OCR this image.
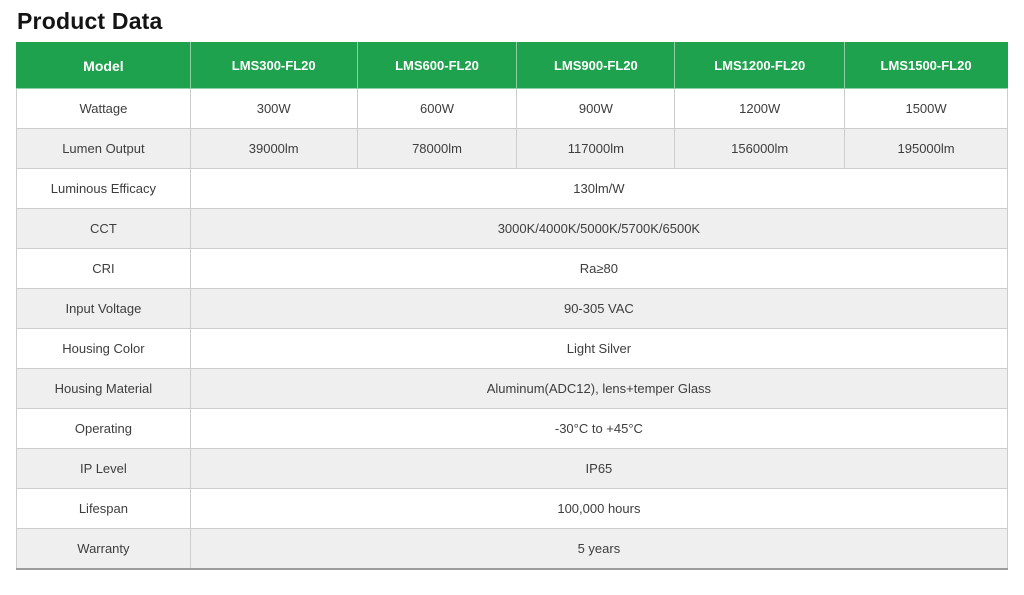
Product Data
Model	LMS300-FL20	LMS600-FL20	LMS900-FL20	LMS1200-FL20	LMS1500-FL20
Wattage	300W	600W	900W	1200W	1500W
Lumen Output	39000lm	78000lm	117000lm	156000lm	195000lm
Luminous Efficacy	130lm/W				
CCT	3000K/4000K/5000K/5700K/6500K				
CRI	Ra≥80				
Input Voltage	90-305 VAC				
Housing Color	Light Silver				
Housing Material	Aluminum(ADC12), lens+temper Glass				
Operating	-30°C to +45°C				
IP Level	IP65				
Lifespan	100,000 hours				
Warranty	5 years				
